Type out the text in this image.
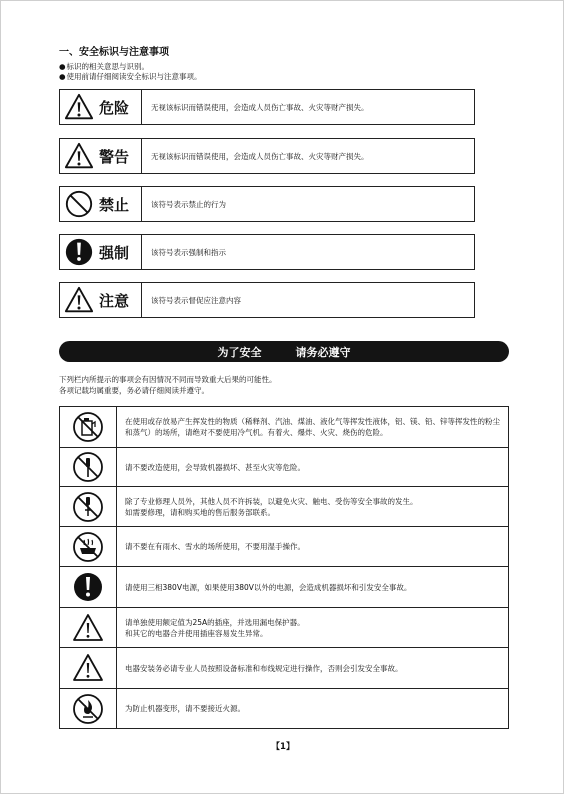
一、安全标识与注意事项
● 标识的相关意思与识别。
● 使用前请仔细阅读安全标识与注意事项。
危险	无视该标识而错误使用，会造成人员伤亡事故、火灾等财产损失。
警告	无视该标识而错误使用，会造成人员伤亡事故、火灾等财产损失。
禁止	该符号表示禁止的行为
强制	该符号表示强制和指示
注意	该符号表示督促应注意内容
为了安全	请务必遵守
下列栏内所提示的事项会有因情况不同而导致重大后果的可能性。
各项记载均属重要，务必请仔细阅读并遵守。
在使用或存放易产生挥发性的物质（稀释剂、汽油、煤油、液化气等挥发性液体，铝、镁、铅、锌等挥发性的粉尘和蒸气）的场所，请绝对不要使用冷气机。有着火、爆炸、火灾、烧伤的危险。
请不要改造使用，会导致机器损坏、甚至火灾等危险。
除了专业修理人员外，其他人员不许拆装，以避免火灾、触电、受伤等安全事故的发生。
如需要修理，请和购买地的售后服务部联系。
请不要在有雨水、雪水的场所使用，不要用湿手操作。
请使用三相380V电源，如果使用380V以外的电源，会造成机器损坏和引发安全事故。
请单独使用额定值为25A的插座，并选用漏电保护器。
和其它的电器合并使用插座容易发生异常。
电器安装务必请专业人员按照设备标准和布线规定进行操作，否则会引发安全事故。
为防止机器变形，请不要接近火源。
【1】
